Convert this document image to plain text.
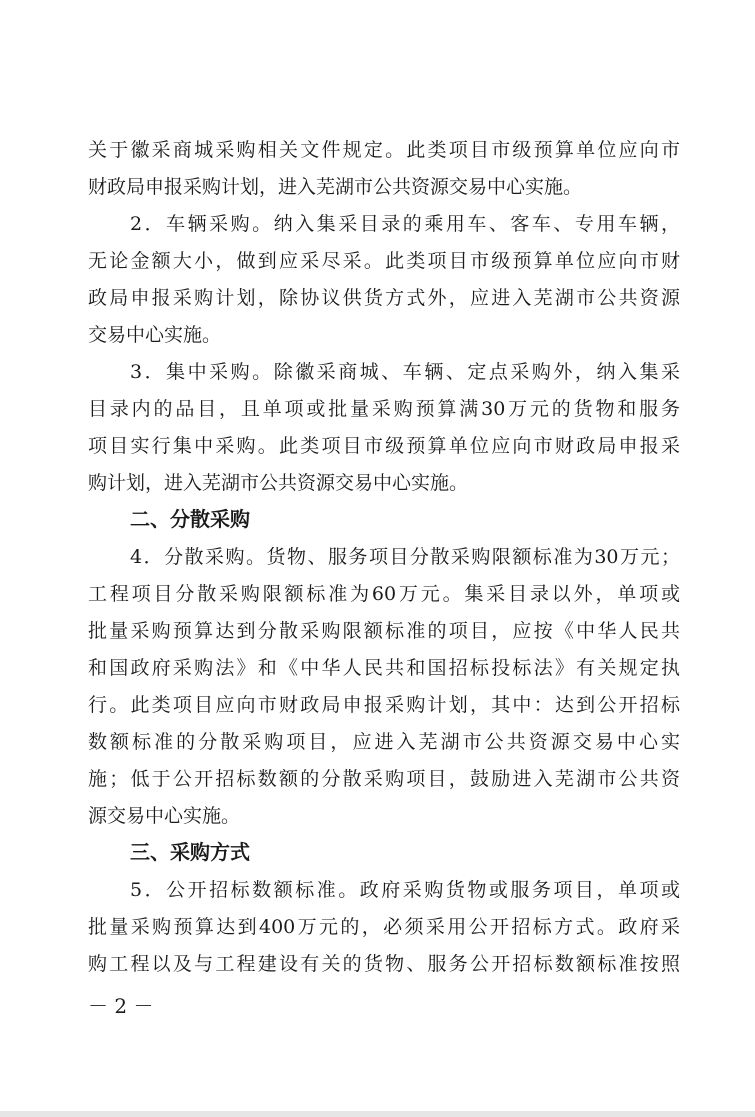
关于徽采商城采购相关文件规定。此类项目市级预算单位应向市
财政局申报采购计划，进入芜湖市公共资源交易中心实施。
2．车辆采购。纳入集采目录的乘用车、客车、专用车辆，
无论金额大小，做到应采尽采。此类项目市级预算单位应向市财
政局申报采购计划，除协议供货方式外，应进入芜湖市公共资源
交易中心实施。
3．集中采购。除徽采商城、车辆、定点采购外，纳入集采
目录内的品目，且单项或批量采购预算满30万元的货物和服务
项目实行集中采购。此类项目市级预算单位应向市财政局申报采
购计划，进入芜湖市公共资源交易中心实施。
二、分散采购
4．分散采购。货物、服务项目分散采购限额标准为30万元；
工程项目分散采购限额标准为60万元。集采目录以外，单项或
批量采购预算达到分散采购限额标准的项目，应按《中华人民共
和国政府采购法》和《中华人民共和国招标投标法》有关规定执
行。此类项目应向市财政局申报采购计划，其中：达到公开招标
数额标准的分散采购项目，应进入芜湖市公共资源交易中心实
施；低于公开招标数额的分散采购项目，鼓励进入芜湖市公共资
源交易中心实施。
三、采购方式
5．公开招标数额标准。政府采购货物或服务项目，单项或
批量采购预算达到400万元的，必须采用公开招标方式。政府采
购工程以及与工程建设有关的货物、服务公开招标数额标准按照
－ 2 －
